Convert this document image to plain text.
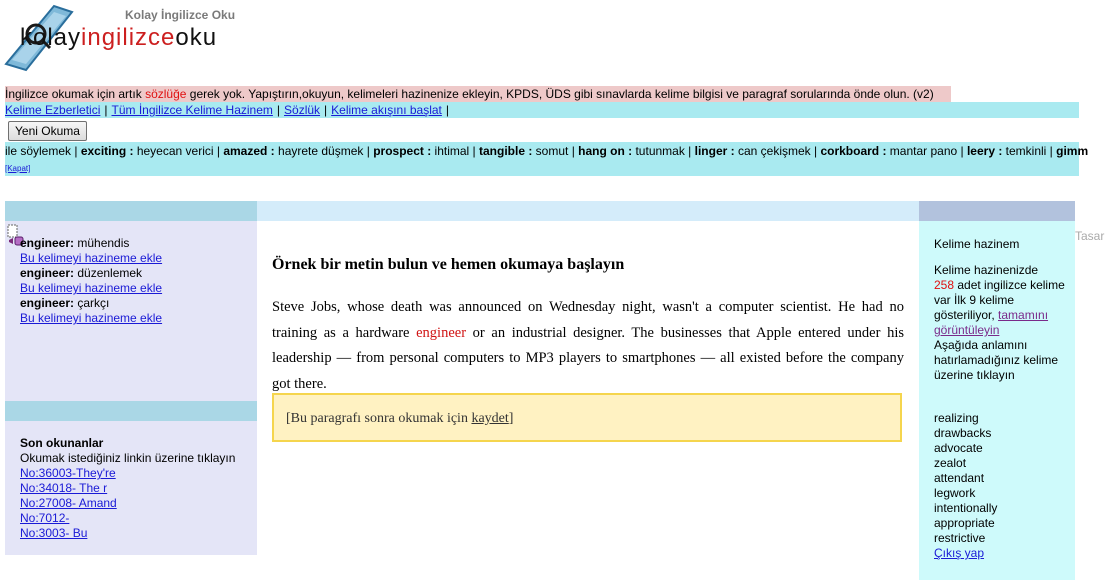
Kolay İngilizce Oku
kolayingilizceoku
İngilizce okumak için artık sözlüğe gerek yok. Yapıştırın,okuyun, kelimeleri hazinenize ekleyin, KPDS, ÜDS gibi sınavlarda kelime bilgisi ve paragraf sorularında önde olun. (v2)
Kelime Ezberletici | Tüm İngilizce Kelime Hazinem | Sözlük | Kelime akışını başlat |
Yeni Okuma
ile söylemek | exciting : heyecan verici | amazed : hayrete düşmek | prospect : ihtimal | tangible : somut | hang on : tutunmak | linger : can çekişmek | corkboard : mantar pano | leery : temkinli | gimm
[Kapat]
engineer: mühendis
Bu kelimeyi hazineme ekle
engineer: düzenlemek
Bu kelimeyi hazineme ekle
engineer: çarkçı
Bu kelimeyi hazineme ekle
Son okunanlar
Okumak istediğiniz linkin üzerine tıklayın
No:36003-They're
No:34018- The r
No:27008- Amand
No:7012-
No:3003- Bu
Örnek bir metin bulun ve hemen okumaya başlayın
Steve Jobs, whose death was announced on Wednesday night, wasn't a computer scientist. He had no training as a hardware engineer or an industrial designer. The businesses that Apple entered under his leadership — from personal computers to MP3 players to smartphones — all existed before the company got there.
[Bu paragrafı sonra okumak için kaydet]
Kelime hazinem
Kelime hazinenizde
258 adet ingilizce kelime var İlk 9 kelime gösteriliyor, tamamını görüntüleyin
Aşağıda anlamını hatırlamadığınız kelime üzerine tıklayın
realizing
drawbacks
advocate
zealot
attendant
legwork
intentionally
appropriate
restrictive
Çıkış yap
Tasar
